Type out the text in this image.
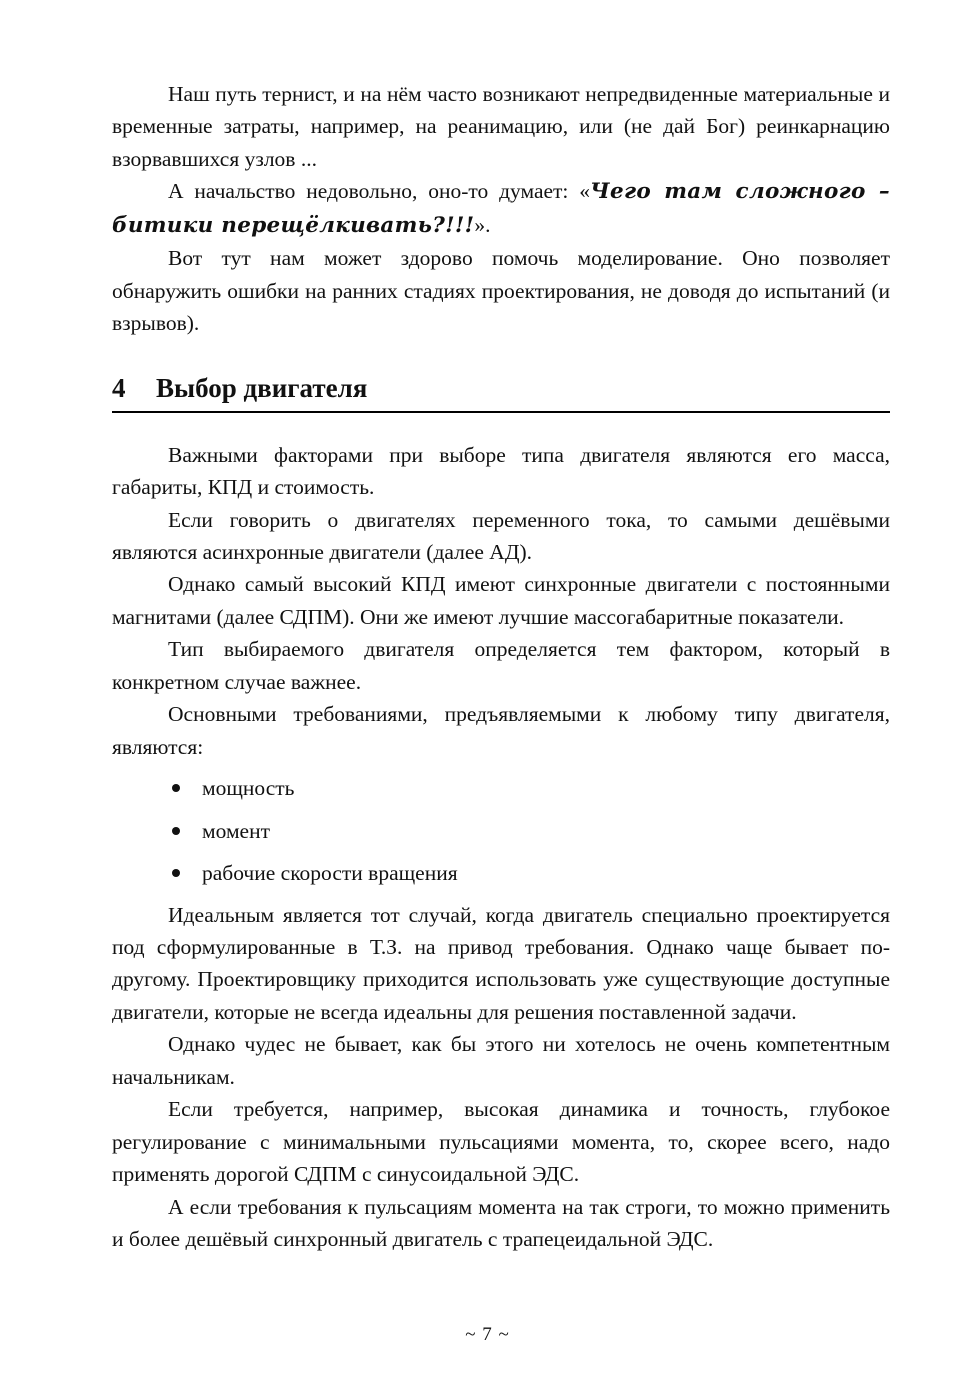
Наш путь тернист, и на нём часто возникают непредвиденные материальные и временные затраты, например, на реанимацию, или (не дай Бог) реинкарнацию взорвавшихся узлов ...

А начальство недовольно, оно-то думает: «Чего там сложного – битики перещёлкивать?!!!».

Вот тут нам может здорово помочь моделирование. Оно позволяет обнаружить ошибки на ранних стадиях проектирования, не доводя до испытаний (и взрывов).

4	Выбор двигателя

Важными факторами при выборе типа двигателя являются его масса, габариты, КПД и стоимость.

Если говорить о двигателях переменного тока, то самыми дешёвыми являются асинхронные двигатели (далее АД).

Однако самый высокий КПД имеют синхронные двигатели с постоянными магнитами (далее СДПМ). Они же имеют лучшие массогабаритные показатели.

Тип выбираемого двигателя определяется тем фактором, который в конкретном случае важнее.

Основными требованиями, предъявляемыми к любому типу двигателя, являются:

мощность
момент
рабочие скорости вращения

Идеальным является тот случай, когда двигатель специально проектируется под сформулированные в Т.З. на привод требования. Однако чаще бывает по-другому. Проектировщику приходится использовать уже существующие доступные двигатели, которые не всегда идеальны для решения поставленной задачи.

Однако чудес не бывает, как бы этого ни хотелось не очень компетентным начальникам.

Если требуется, например, высокая динамика и точность, глубокое регулирование с минимальными пульсациями момента, то, скорее всего, надо применять дорогой СДПМ с синусоидальной ЭДС.

А если требования к пульсациям момента на так строги, то можно применить и более дешёвый синхронный двигатель с трапецеидальной ЭДС.

~ 7 ~
